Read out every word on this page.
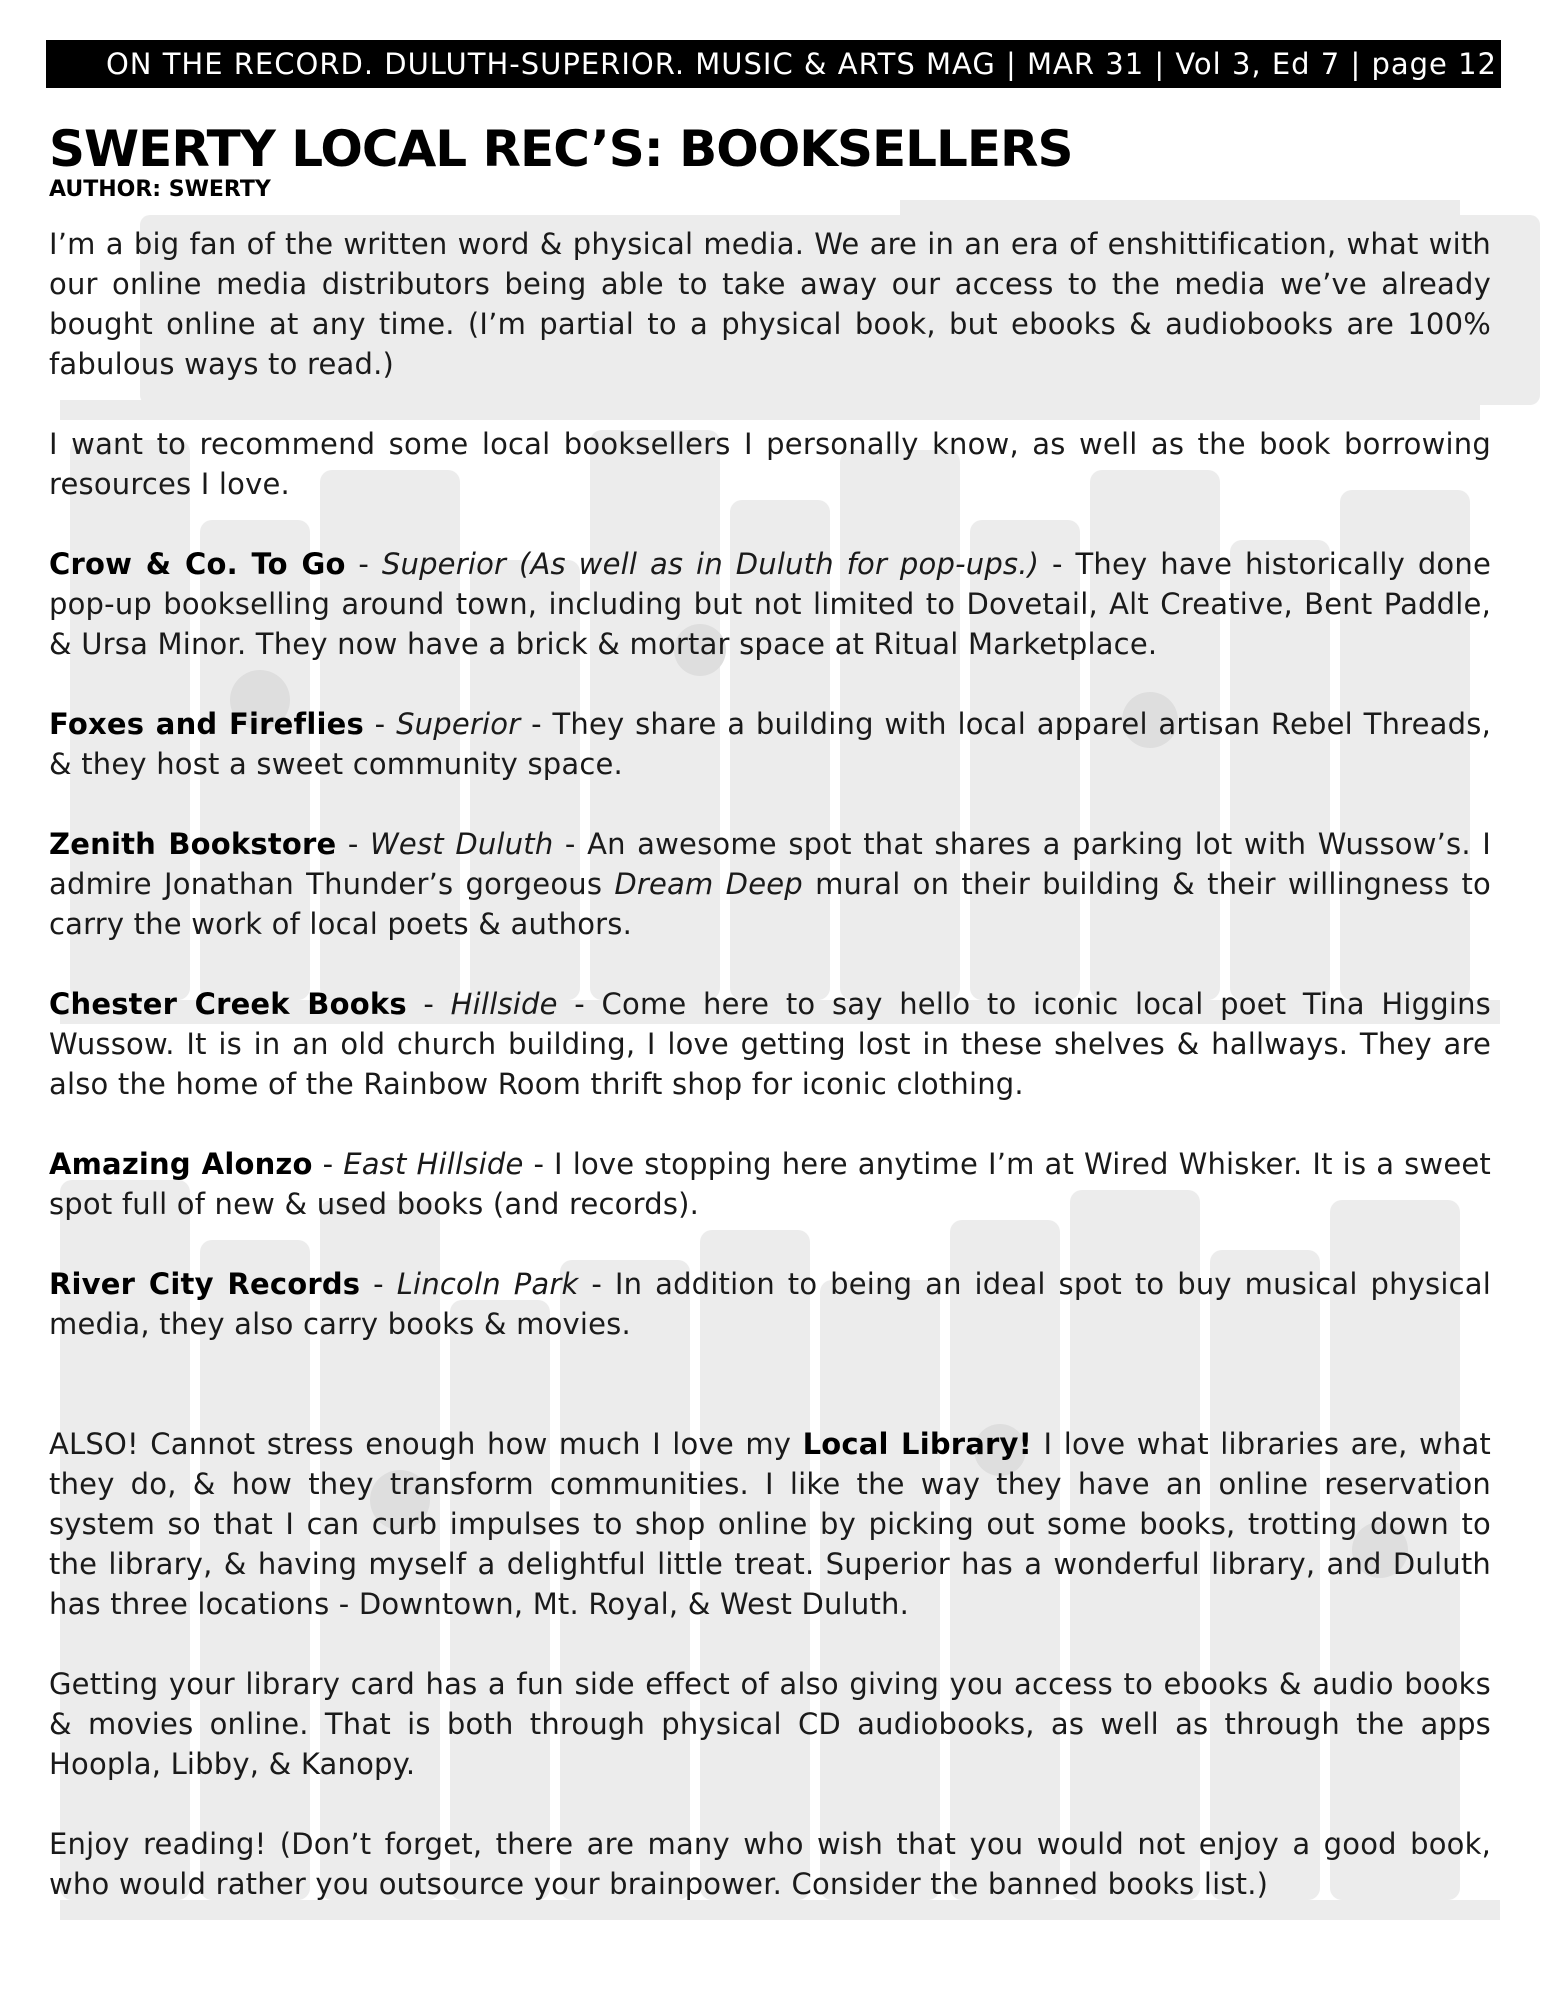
ON THE RECORD. DULUTH-SUPERIOR. MUSIC & ARTS MAG | MAR 31 | Vol 3, Ed 7 | page 12
SWERTY LOCAL REC’S: BOOKSELLERS
AUTHOR: SWERTY

I’m a big fan of the written word & physical media. We are in an era of enshittification, what with our online media distributors being able to take away our access to the media we’ve already bought online at any time. (I’m partial to a physical book, but ebooks & audiobooks are 100% fabulous ways to read.)

I want to recommend some local booksellers I personally know, as well as the book borrowing resources I love.

Crow & Co. To Go - Superior (As well as in Duluth for pop-ups.) - They have historically done pop-up bookselling around town, including but not limited to Dovetail, Alt Creative, Bent Paddle, & Ursa Minor. They now have a brick & mortar space at Ritual Marketplace.

Foxes and Fireflies - Superior - They share a building with local apparel artisan Rebel Threads, & they host a sweet community space.

Zenith Bookstore - West Duluth - An awesome spot that shares a parking lot with Wussow’s. I admire Jonathan Thunder’s gorgeous Dream Deep mural on their building & their willingness to carry the work of local poets & authors.

Chester Creek Books - Hillside - Come here to say hello to iconic local poet Tina Higgins Wussow. It is in an old church building, I love getting lost in these shelves & hallways. They are also the home of the Rainbow Room thrift shop for iconic clothing.

Amazing Alonzo - East Hillside - I love stopping here anytime I’m at Wired Whisker. It is a sweet spot full of new & used books (and records).

River City Records - Lincoln Park - In addition to being an ideal spot to buy musical physical media, they also carry books & movies.

ALSO! Cannot stress enough how much I love my Local Library! I love what libraries are, what they do, & how they transform communities. I like the way they have an online reservation system so that I can curb impulses to shop online by picking out some books, trotting down to the library, & having myself a delightful little treat. Superior has a wonderful library, and Duluth has three locations - Downtown, Mt. Royal, & West Duluth.

Getting your library card has a fun side effect of also giving you access to ebooks & audio books & movies online. That is both through physical CD audiobooks, as well as through the apps Hoopla, Libby, & Kanopy.

Enjoy reading! (Don’t forget, there are many who wish that you would not enjoy a good book, who would rather you outsource your brainpower. Consider the banned books list.)
